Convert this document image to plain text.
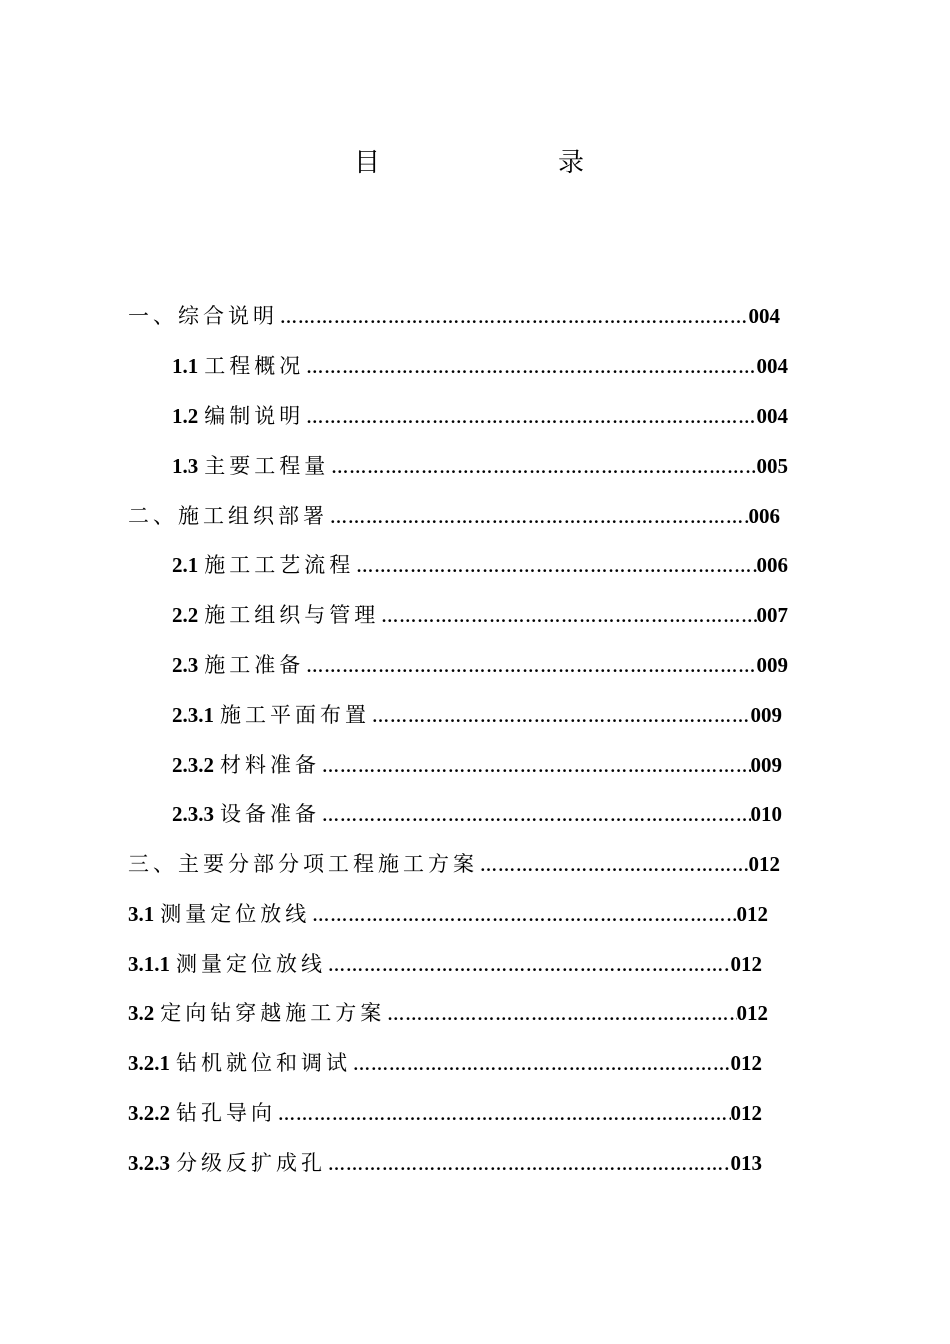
目	录
一、综合说明 ………………………………………………………………………………………………………………	004
1.1 工程概况 ………………………………………………………………………………………………………………	004
1.2 编制说明 ………………………………………………………………………………………………………………	004
1.3 主要工程量 ………………………………………………………………………………………………………………	005
二、施工组织部署 ………………………………………………………………………………………………………………	006
2.1 施工工艺流程 ………………………………………………………………………………………………………………	006
2.2 施工组织与管理 ………………………………………………………………………………………………………………	007
2.3 施工准备 ………………………………………………………………………………………………………………	009
2.3.1 施工平面布置 ………………………………………………………………………………………………………………	009
2.3.2 材料准备 ………………………………………………………………………………………………………………	009
2.3.3 设备准备 ………………………………………………………………………………………………………………	010
三、主要分部分项工程施工方案 ………………………………………………………………………………………………………………	012
3.1 测量定位放线 ………………………………………………………………………………………………………………	012
3.1.1 测量定位放线 ………………………………………………………………………………………………………………	012
3.2 定向钻穿越施工方案 ………………………………………………………………………………………………………………	012
3.2.1 钻机就位和调试 ………………………………………………………………………………………………………………	012
3.2.2 钻孔导向 ………………………………………………………………………………………………………………	012
3.2.3 分级反扩成孔 ………………………………………………………………………………………………………………	013
